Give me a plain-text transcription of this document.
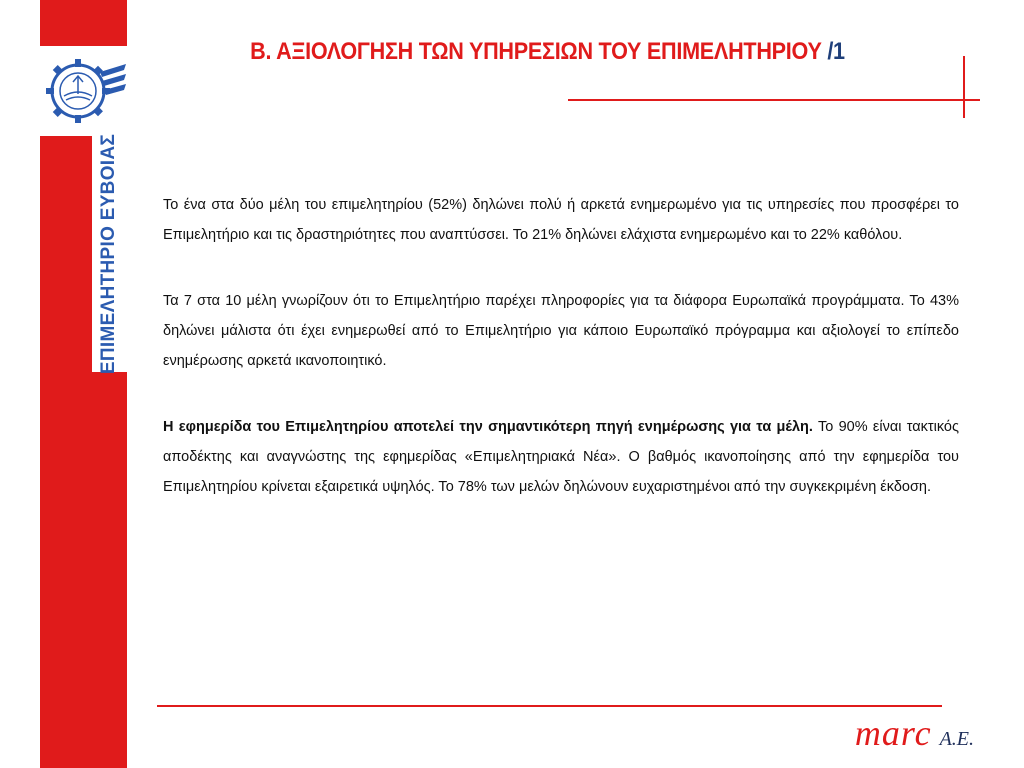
ΕΠΙΜΕΛΗΤΗΡΙΟ ΕΥΒΟΙΑΣ
Β. ΑΞΙΟΛΟΓΗΣΗ ΤΩΝ ΥΠΗΡΕΣΙΩΝ ΤΟΥ ΕΠΙΜΕΛΗΤΗΡΙΟΥ /1

Το ένα στα δύο μέλη του επιμελητηρίου (52%) δηλώνει πολύ ή αρκετά ενημερωμένο για τις υπηρεσίες που προσφέρει το Επιμελητήριο και τις δραστηριότητες που αναπτύσσει. Το 21% δηλώνει ελάχιστα ενημερωμένο και το 22% καθόλου.

Τα 7 στα 10 μέλη γνωρίζουν ότι το Επιμελητήριο παρέχει πληροφορίες για τα διάφορα Ευρωπαϊκά προγράμματα. Το 43% δηλώνει μάλιστα ότι έχει ενημερωθεί από το Επιμελητήριο για κάποιο Ευρωπαϊκό πρόγραμμα και αξιολογεί το επίπεδο ενημέρωσης αρκετά ικανοποιητικό.

Η εφημερίδα του Επιμελητηρίου αποτελεί την σημαντικότερη πηγή ενημέρωσης για τα μέλη. Το 90% είναι τακτικός αποδέκτης και αναγνώστης της εφημερίδας «Επιμελητηριακά Νέα». Ο βαθμός ικανοποίησης από την εφημερίδα του Επιμελητηρίου κρίνεται εξαιρετικά υψηλός. Το 78% των μελών δηλώνουν ευχαριστημένοι από την συγκεκριμένη έκδοση.

marc Α.Ε.
